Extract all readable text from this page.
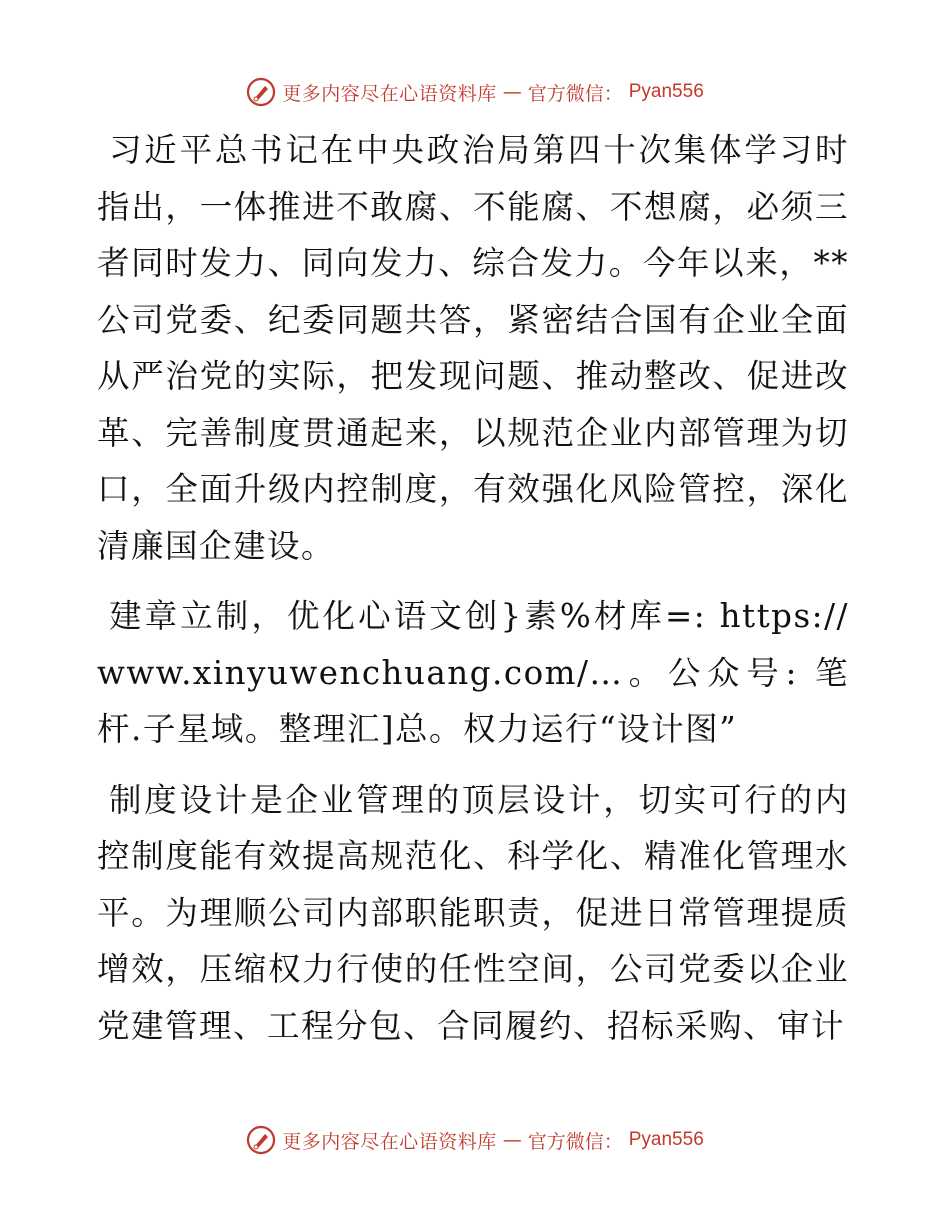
更多内容尽在心语资料库 — 官方微信： Pyan556

习近平总书记在中央政治局第四十次集体学习时指出，一体推进不敢腐、不能腐、不想腐，必须三者同时发力、同向发力、综合发力。今年以来，**公司党委、纪委同题共答，紧密结合国有企业全面从严治党的实际，把发现问题、推动整改、促进改革、完善制度贯通起来，以规范企业内部管理为切口，全面升级内控制度，有效强化风险管控，深化清廉国企建设。

建章立制，优化心语文创}素%材库=: https://www.xinyuwenchuang.com/…。公众号: 笔杆.子星域。整理汇]总。权力运行“设计图”

制度设计是企业管理的顶层设计，切实可行的内控制度能有效提高规范化、科学化、精准化管理水平。为理顺公司内部职能职责，促进日常管理提质增效，压缩权力行使的任性空间，公司党委以企业党建管理、工程分包、合同履约、招标采购、审计

更多内容尽在心语资料库 — 官方微信： Pyan556
